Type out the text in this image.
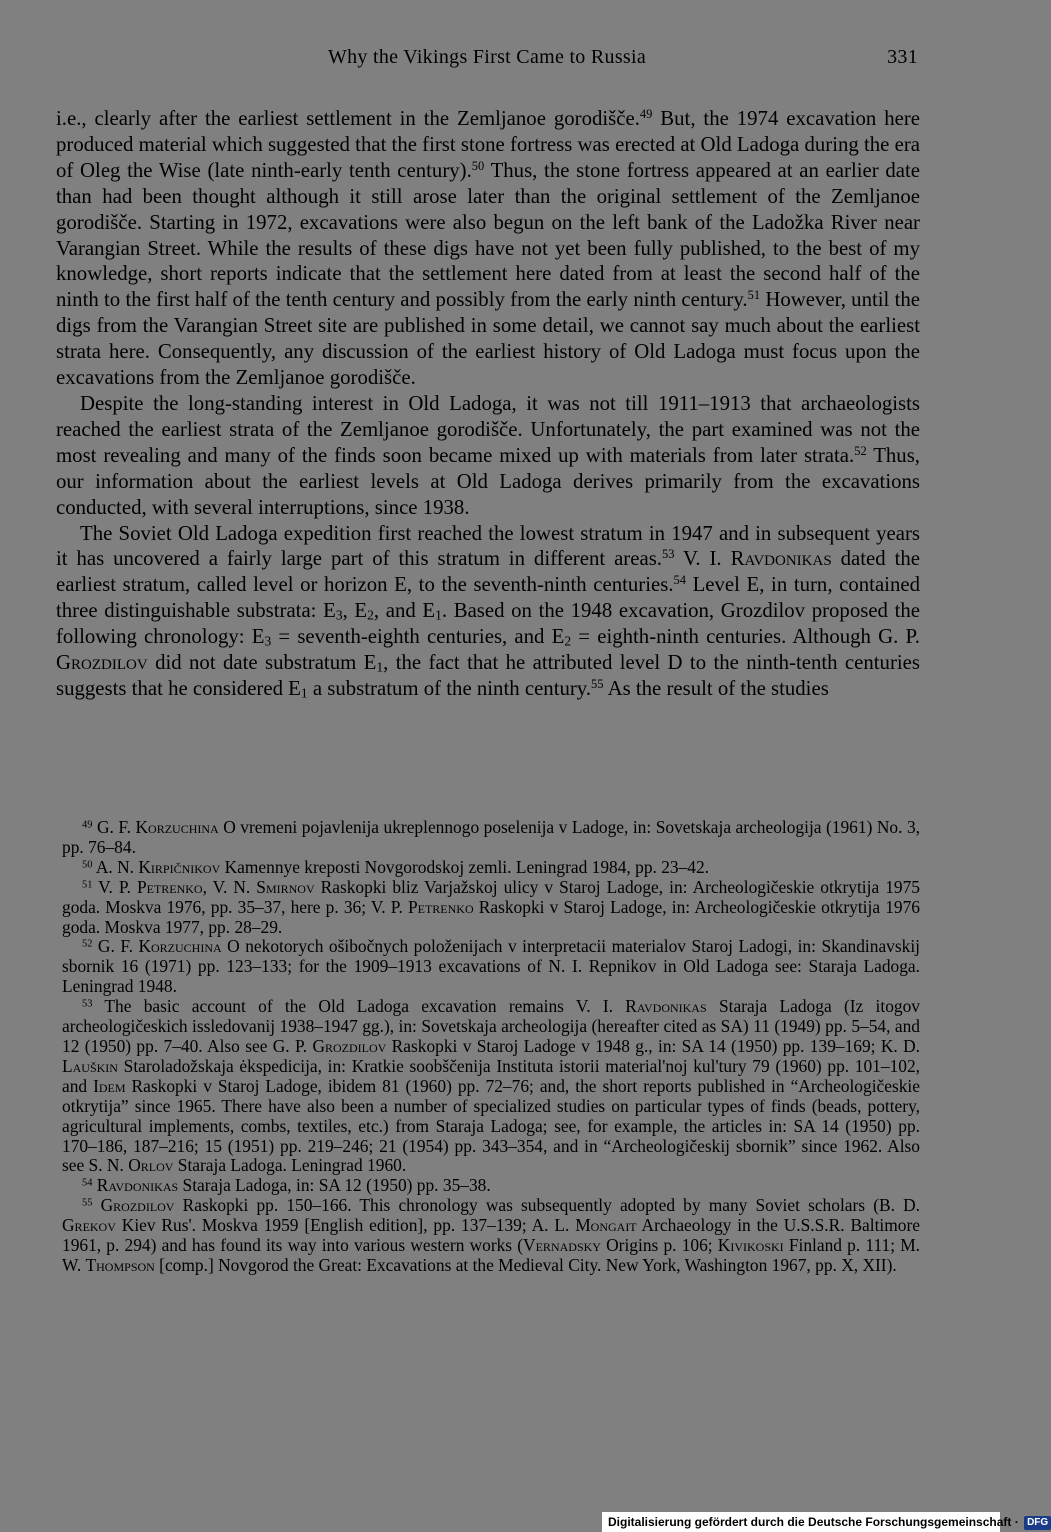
Why the Vikings First Came to Russia	331

i.e., clearly after the earliest settlement in the Zemljanoe gorodišče.$^{49}$ But, the 1974 excavation here produced material which suggested that the first stone fortress was erected at Old Ladoga during the era of Oleg the Wise (late ninth-early tenth century).$^{50}$ Thus, the stone fortress appeared at an earlier date than had been thought although it still arose later than the original settlement of the Zemljanoe gorodišče. Starting in 1972, excavations were also begun on the left bank of the Ladožka River near Varangian Street. While the results of these digs have not yet been fully published, to the best of my knowledge, short reports indicate that the settlement here dated from at least the second half of the ninth to the first half of the tenth century and possibly from the early ninth century.$^{51}$ However, until the digs from the Varangian Street site are published in some detail, we cannot say much about the earliest strata here. Consequently, any discussion of the earliest history of Old Ladoga must focus upon the excavations from the Zemljanoe gorodišče.

Despite the long-standing interest in Old Ladoga, it was not till 1911–1913 that archaeologists reached the earliest strata of the Zemljanoe gorodišče. Unfortunately, the part examined was not the most revealing and many of the finds soon became mixed up with materials from later strata.$^{52}$ Thus, our information about the earliest levels at Old Ladoga derives primarily from the excavations conducted, with several interruptions, since 1938.

The Soviet Old Ladoga expedition first reached the lowest stratum in 1947 and in subsequent years it has uncovered a fairly large part of this stratum in different areas.$^{53}$ V. I. Ravdonikas dated the earliest stratum, called level or horizon E, to the seventh-ninth centuries.$^{54}$ Level E, in turn, contained three distinguishable substrata: $E_3$, $E_2$, and $E_1$. Based on the 1948 excavation, Grozdilov proposed the following chronology: $E_3$ = seventh-eighth centuries, and $E_2$ = eighth-ninth centuries. Although G. P. Grozdilov did not date substratum $E_1$, the fact that he attributed level D to the ninth-tenth centuries suggests that he considered $E_1$ a substratum of the ninth century.$^{55}$ As the result of the studies

$^{49}$ G. F. Korzuchina O vremeni pojavlenija ukreplennogo poselenija v Ladoge, in: Sovetskaja archeologija (1961) No. 3, pp. 76–84.

$^{50}$ A. N. Kirpičnikov Kamennye kreposti Novgorodskoj zemli. Leningrad 1984, pp. 23–42.

$^{51}$ V. P. Petrenko, V. N. Smirnov Raskopki bliz Varjažskoj ulicy v Staroj Ladoge, in: Archeologičeskie otkrytija 1975 goda. Moskva 1976, pp. 35–37, here p. 36; V. P. Petrenko Raskopki v Staroj Ladoge, in: Archeologičeskie otkrytija 1976 goda. Moskva 1977, pp. 28–29.

$^{52}$ G. F. Korzuchina O nekotorych ošibočnych položenijach v interpretacii materialov Staroj Ladogi, in: Skandinavskij sbornik 16 (1971) pp. 123–133; for the 1909–1913 excavations of N. I. Repnikov in Old Ladoga see: Staraja Ladoga. Leningrad 1948.

$^{53}$ The basic account of the Old Ladoga excavation remains V. I. Ravdonikas Staraja Ladoga (Iz itogov archeologičeskich issledovanij 1938–1947 gg.), in: Sovetskaja archeologija (hereafter cited as SA) 11 (1949) pp. 5–54, and 12 (1950) pp. 7–40. Also see G. P. Grozdilov Raskopki v Staroj Ladoge v 1948 g., in: SA 14 (1950) pp. 139–169; K. D. Lauškin Staroladožskaja ėkspedicija, in: Kratkie soobščenija Instituta istorii material'noj kul'tury 79 (1960) pp. 101–102, and Idem Raskopki v Staroj Ladoge, ibidem 81 (1960) pp. 72–76; and, the short reports published in “Archeologičeskie otkrytija” since 1965. There have also been a number of specialized studies on particular types of finds (beads, pottery, agricultural implements, combs, textiles, etc.) from Staraja Ladoga; see, for example, the articles in: SA 14 (1950) pp. 170–186, 187–216; 15 (1951) pp. 219–246; 21 (1954) pp. 343–354, and in “Archeologičeskij sbornik” since 1962. Also see S. N. Orlov Staraja Ladoga. Leningrad 1960.

$^{54}$ Ravdonikas Staraja Ladoga, in: SA 12 (1950) pp. 35–38.

$^{55}$ Grozdilov Raskopki pp. 150–166. This chronology was subsequently adopted by many Soviet scholars (B. D. Grekov Kiev Rus'. Moskva 1959 [English edition], pp. 137–139; A. L. Mongait Archaeology in the U.S.S.R. Baltimore 1961, p. 294) and has found its way into various western works (Vernadsky Origins p. 106; Kivikoski Finland p. 111; M. W. Thompson [comp.] Novgorod the Great: Excavations at the Medieval City. New York, Washington 1967, pp. X, XII).

Digitalisierung gefördert durch die Deutsche Forschungsgemeinschaft · DFG
